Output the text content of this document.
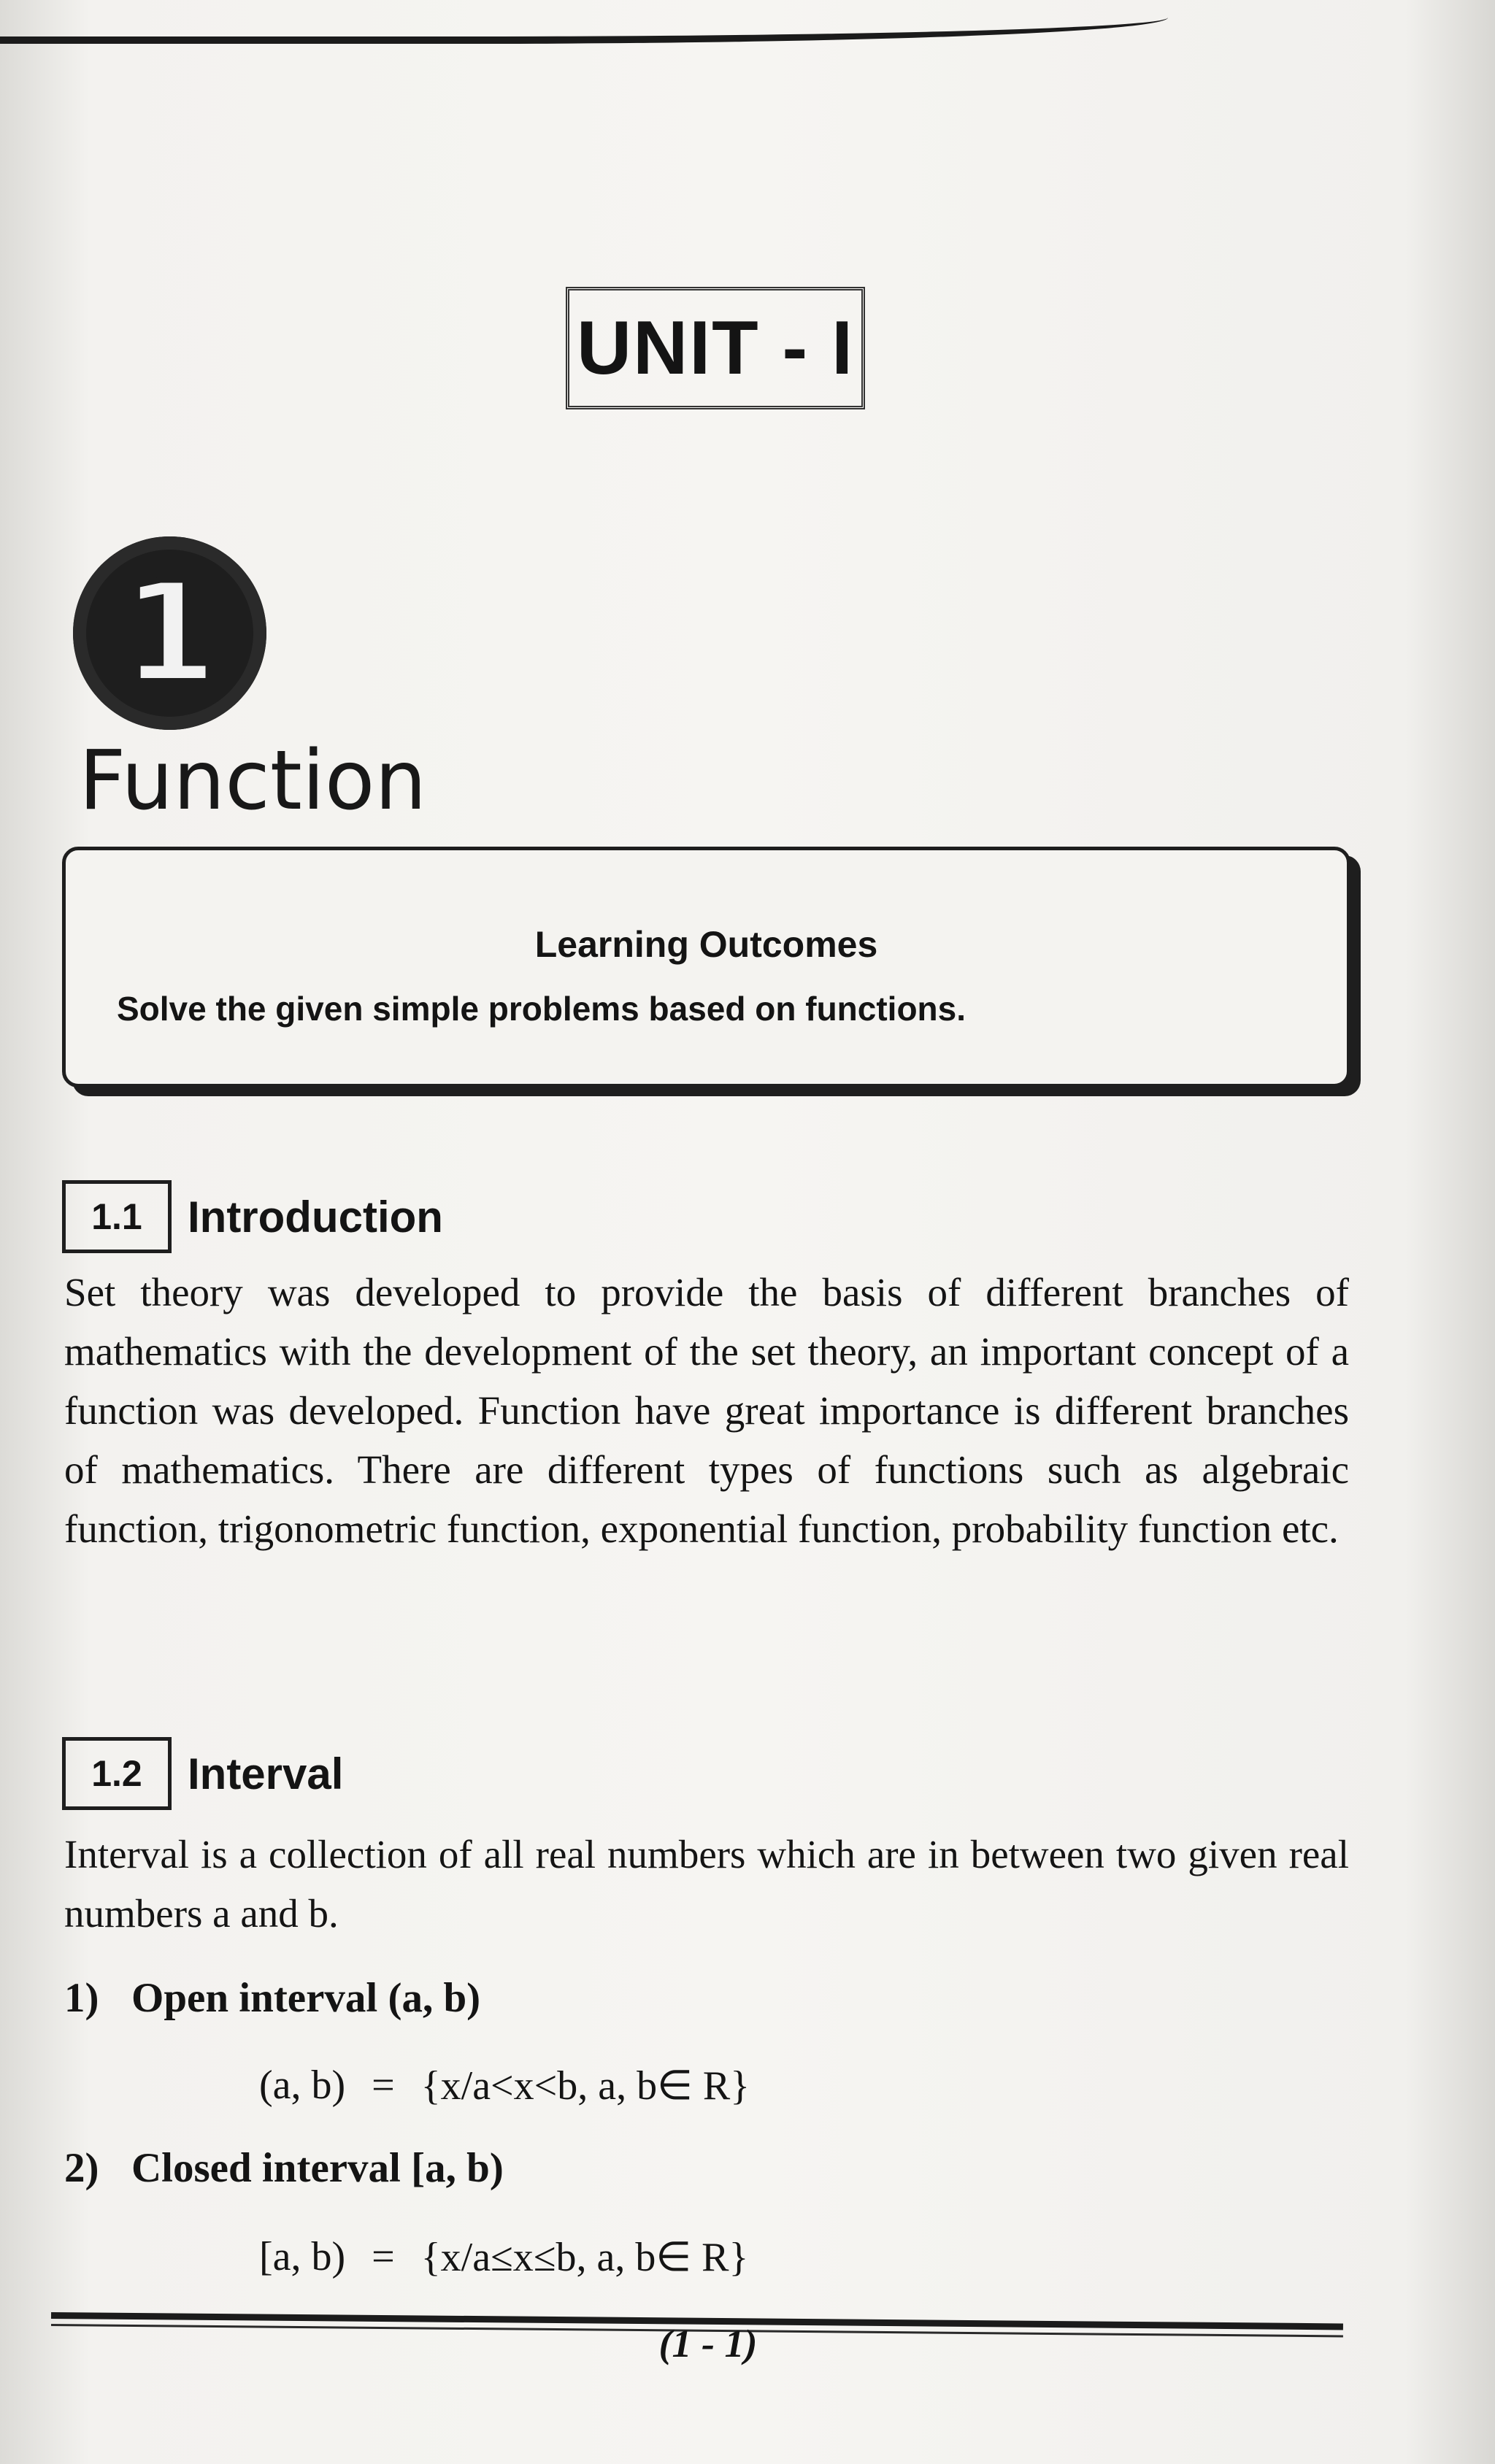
UNIT - I
1
Function
Learning Outcomes
Solve the given simple problems based on functions.
1.1	Introduction
Set theory was developed to provide the basis of different branches of mathematics with the development of the set theory, an important concept of a function was developed. Function have great importance is different branches of mathematics. There are different types of functions such as algebraic function, trigonometric function, exponential function, probability function etc.
1.2	Interval
Interval is a collection of all real numbers which are in between two given real numbers a and b.
1) Open interval (a, b)
(a, b) = {x/a<x<b, a, b∈ R}
2) Closed interval [a, b)
[a, b) = {x/a≤x≤b, a, b∈ R}
(1 - 1)
